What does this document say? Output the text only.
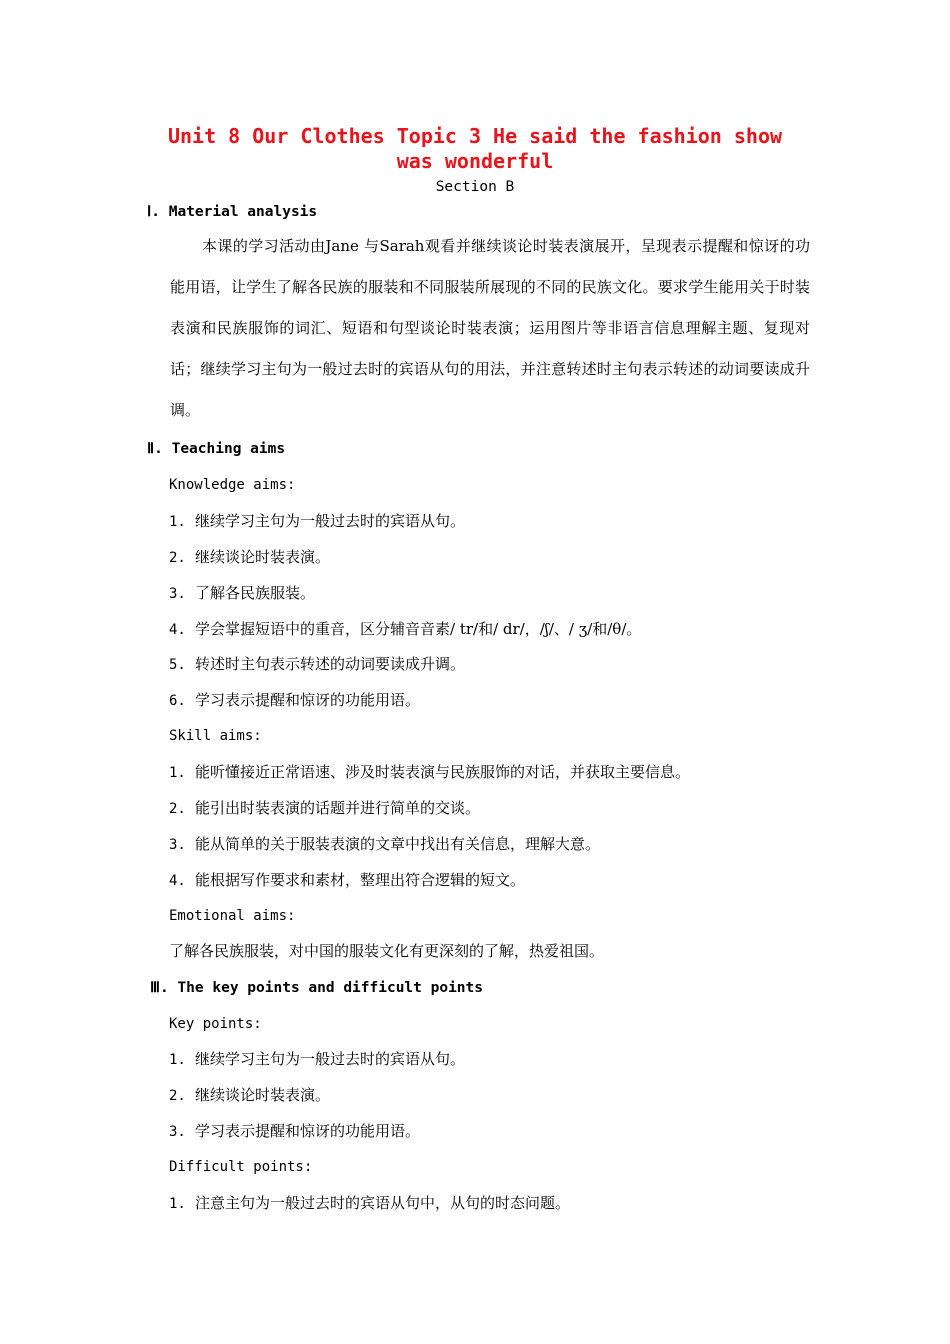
Unit 8 Our Clothes Topic 3 He said the fashion show was wonderful
Section B
Ⅰ. Material analysis
本课的学习活动由Jane 与Sarah观看并继续谈论时装表演展开，呈现表示提醒和惊讶的功能用语，让学生了解各民族的服装和不同服装所展现的不同的民族文化。要求学生能用关于时装表演和民族服饰的词汇、短语和句型谈论时装表演；运用图片等非语言信息理解主题、复现对话；继续学习主句为一般过去时的宾语从句的用法，并注意转述时主句表示转述的动词要读成升调。
Ⅱ. Teaching aims
Knowledge aims:
1. 继续学习主句为一般过去时的宾语从句。
2. 继续谈论时装表演。
3. 了解各民族服装。
4. 学会掌握短语中的重音，区分辅音音素/ tr/和/ dr/，/ʃ/、/ ʒ/和/θ/。
5. 转述时主句表示转述的动词要读成升调。
6. 学习表示提醒和惊讶的功能用语。
Skill aims:
1. 能听懂接近正常语速、涉及时装表演与民族服饰的对话，并获取主要信息。
2. 能引出时装表演的话题并进行简单的交谈。
3. 能从简单的关于服装表演的文章中找出有关信息，理解大意。
4. 能根据写作要求和素材，整理出符合逻辑的短文。
Emotional aims:
了解各民族服装，对中国的服装文化有更深刻的了解，热爱祖国。
Ⅲ. The key points and difficult points
Key points:
1. 继续学习主句为一般过去时的宾语从句。
2. 继续谈论时装表演。
3. 学习表示提醒和惊讶的功能用语。
Difficult points:
1. 注意主句为一般过去时的宾语从句中，从句的时态问题。
